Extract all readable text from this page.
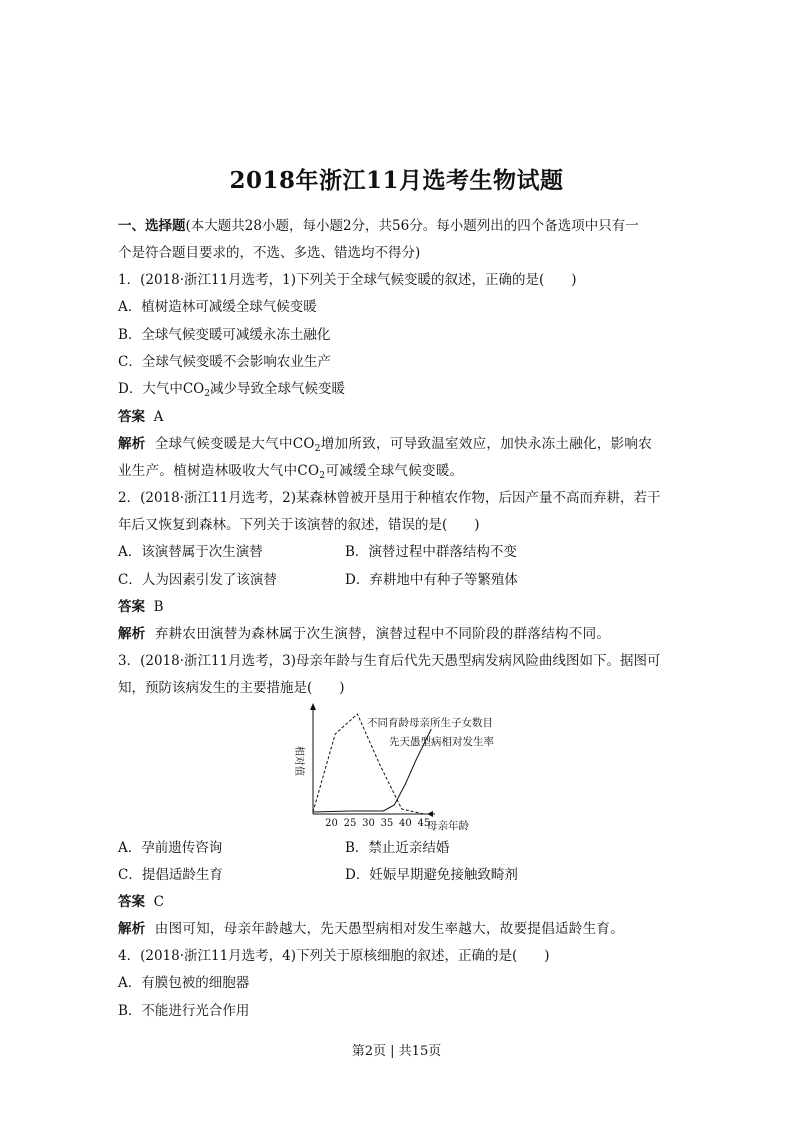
2018年浙江11月选考生物试题
一、选择题(本大题共28小题，每小题2分，共56分。每小题列出的四个备选项中只有一
个是符合题目要求的，不选、多选、错选均不得分)
1．(2018·浙江11月选考，1)下列关于全球气候变暖的叙述，正确的是(　　)
A．植树造林可减缓全球气候变暖
B．全球气候变暖可减缓永冻土融化
C．全球气候变暖不会影响农业生产
D．大气中$CO_2$减少导致全球气候变暖
答案 A
解析 全球气候变暖是大气中$CO_2$增加所致，可导致温室效应，加快永冻土融化，影响农
业生产。植树造林吸收大气中$CO_2$可减缓全球气候变暖。
2．(2018·浙江11月选考，2)某森林曾被开垦用于种植农作物，后因产量不高而弃耕，若干
年后又恢复到森林。下列关于该演替的叙述，错误的是(　　)
A．该演替属于次生演替	B．演替过程中群落结构不变
C．人为因素引发了该演替	D．弃耕地中有种子等繁殖体
答案 B
解析 弃耕农田演替为森林属于次生演替，演替过程中不同阶段的群落结构不同。
3．(2018·浙江11月选考，3)母亲年龄与生育后代先天愚型病发病风险曲线图如下。据图可
知，预防该病发生的主要措施是(　　)
相对值
20 25 30 35 40 45
母亲年龄
不同育龄母亲所生子女数目
先天愚型病相对发生率
A．孕前遗传咨询	B．禁止近亲结婚
C．提倡适龄生育	D．妊娠早期避免接触致畸剂
答案 C
解析 由图可知，母亲年龄越大，先天愚型病相对发生率越大，故要提倡适龄生育。
4．(2018·浙江11月选考，4)下列关于原核细胞的叙述，正确的是(　　)
A．有膜包被的细胞器
B．不能进行光合作用
第2页 | 共15页
